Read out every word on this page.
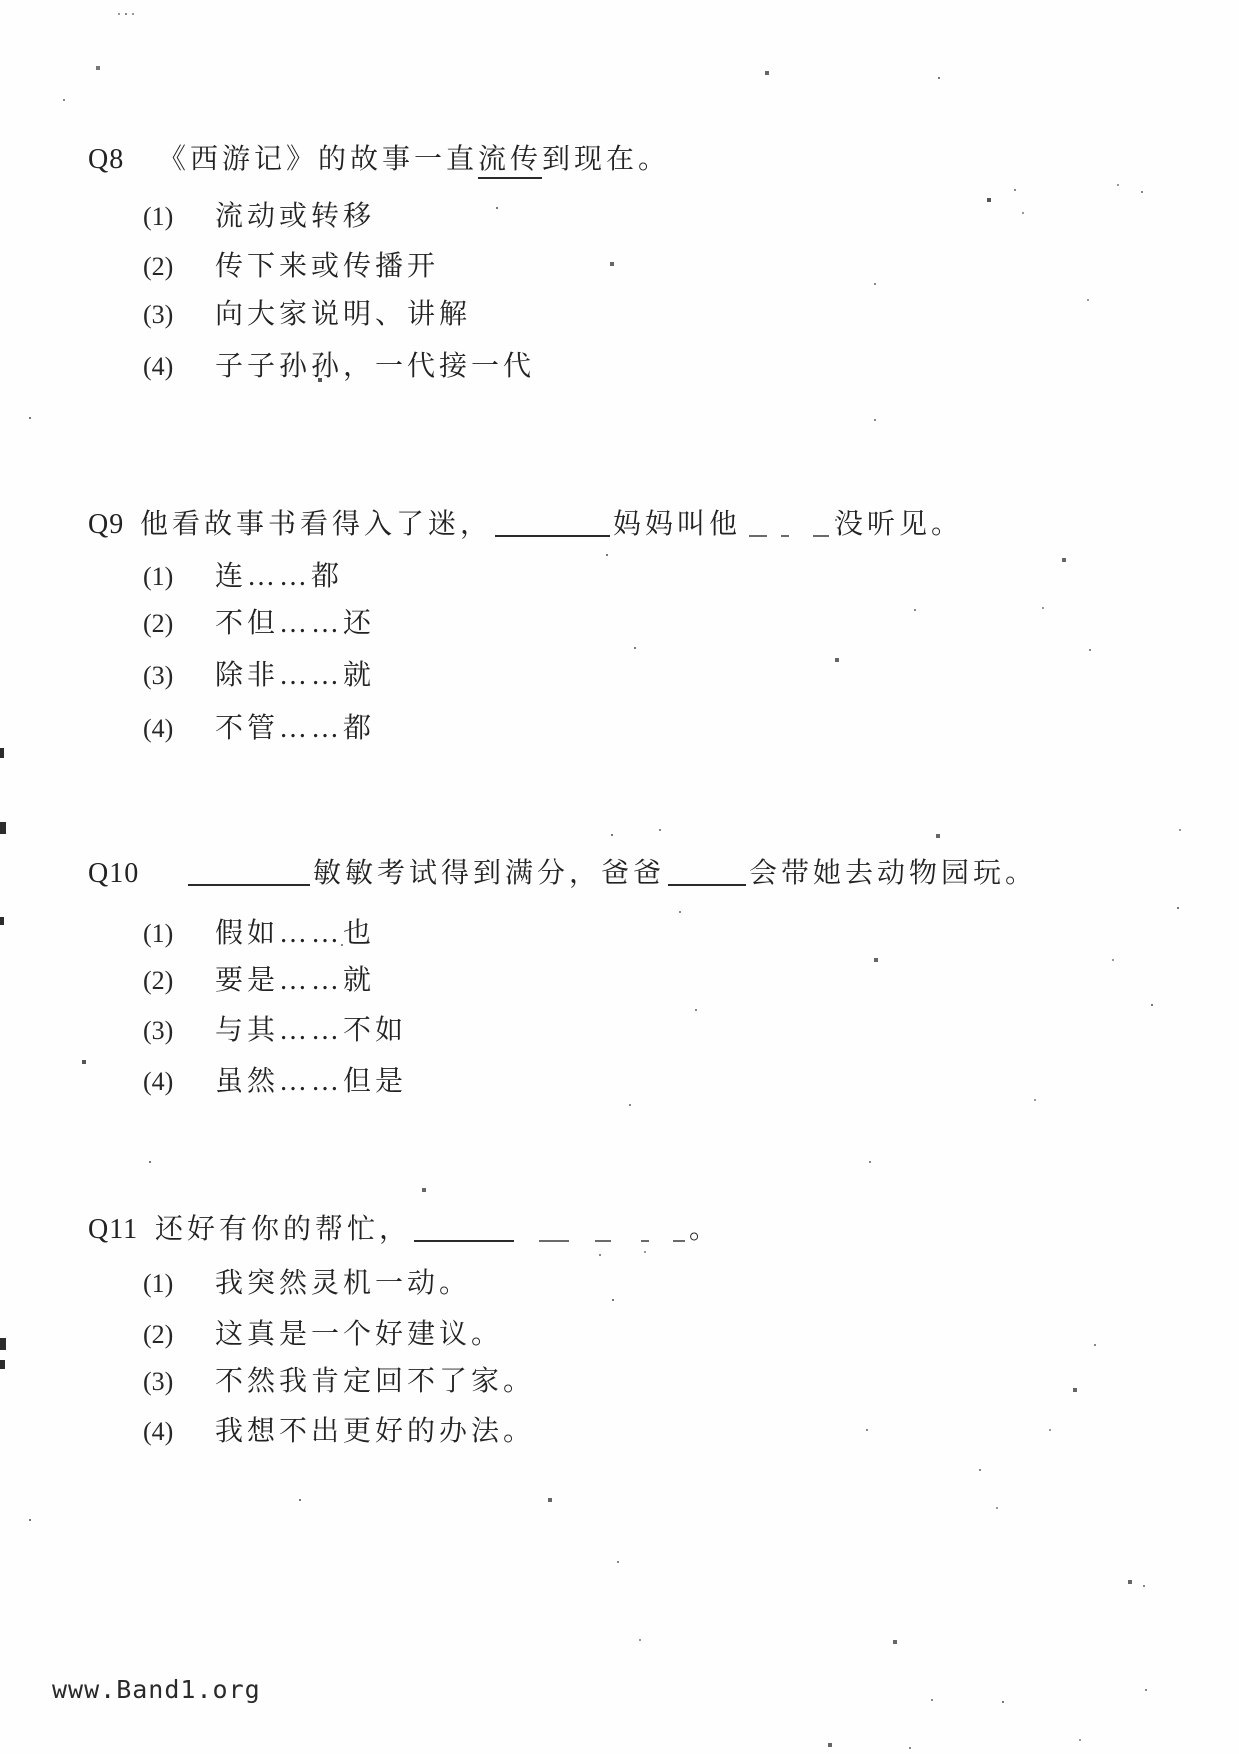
Q8	《西游记》的故事一直流传到现在。
(1)	流动或转移
(2)	传下来或传播开
(3)	向大家说明、讲解
(4)	子子孙孙，一代接一代
Q9 他看故事书看得入了迷，	妈妈叫他	没听见。
(1)	连……都
(2)	不但……还
(3)	除非……就
(4)	不管……都
Q10	敏敏考试得到满分，爸爸	会带她去动物园玩。
(1)	假如……也
(2)	要是……就
(3)	与其……不如
(4)	虽然……但是
Q11 还好有你的帮忙，	。
(1)	我突然灵机一动。
(2)	这真是一个好建议。
(3)	不然我肯定回不了家。
(4)	我想不出更好的办法。
www.Band1.org
